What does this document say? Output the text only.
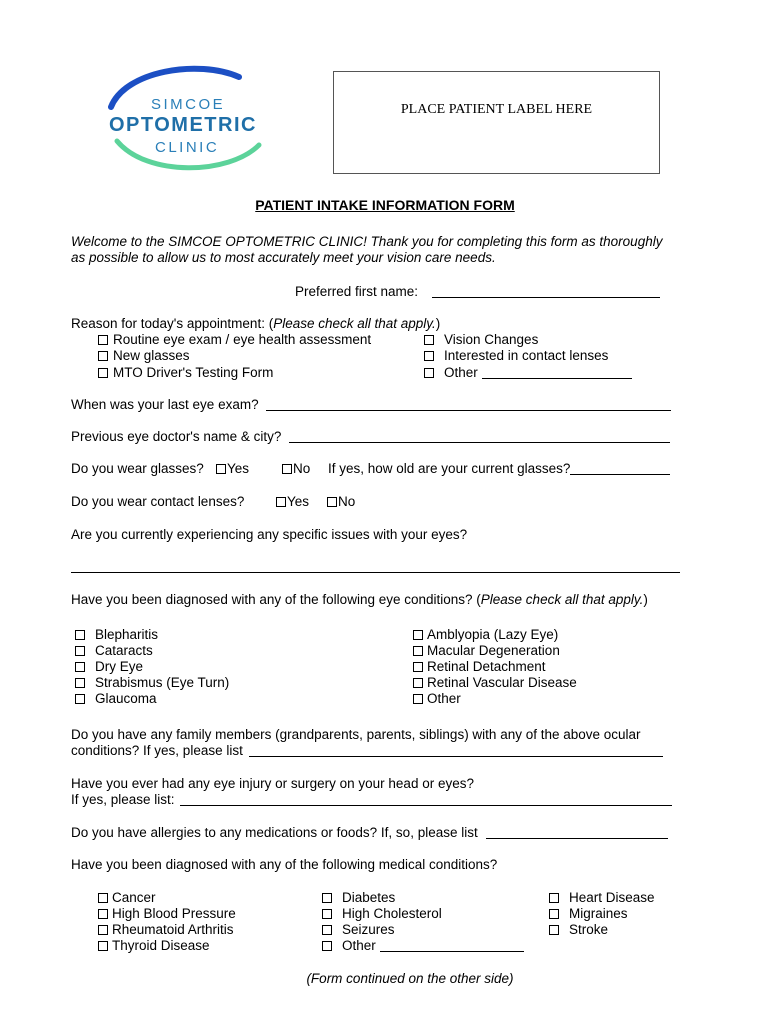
SIMCOE
OPTOMETRIC
CLINIC
PLACE PATIENT LABEL HERE
PATIENT INTAKE INFORMATION FORM
Welcome to the SIMCOE OPTOMETRIC CLINIC! Thank you for completing this form as thoroughly
as possible to allow us to most accurately meet your vision care needs.
Preferred first name:
Reason for today's appointment: (Please check all that apply.)
Routine eye exam / eye health assessment
New glasses
MTO Driver's Testing Form
Vision Changes
Interested in contact lenses
Other
When was your last eye exam?
Previous eye doctor's name & city?
Do you wear glasses?	Yes	No If yes, how old are your current glasses?
Do you wear contact lenses?	Yes	No
Are you currently experiencing any specific issues with your eyes?
Have you been diagnosed with any of the following eye conditions? (Please check all that apply.)
Blepharitis
Cataracts
Dry Eye
Strabismus (Eye Turn)
Glaucoma
Amblyopia (Lazy Eye)
Macular Degeneration
Retinal Detachment
Retinal Vascular Disease
Other
Do you have any family members (grandparents, parents, siblings) with any of the above ocular
conditions? If yes, please list
Have you ever had any eye injury or surgery on your head or eyes?
If yes, please list:
Do you have allergies to any medications or foods? If, so, please list
Have you been diagnosed with any of the following medical conditions?
Cancer
High Blood Pressure
Rheumatoid Arthritis
Thyroid Disease
Diabetes
High Cholesterol
Seizures
Other
Heart Disease
Migraines
Stroke
(Form continued on the other side)
